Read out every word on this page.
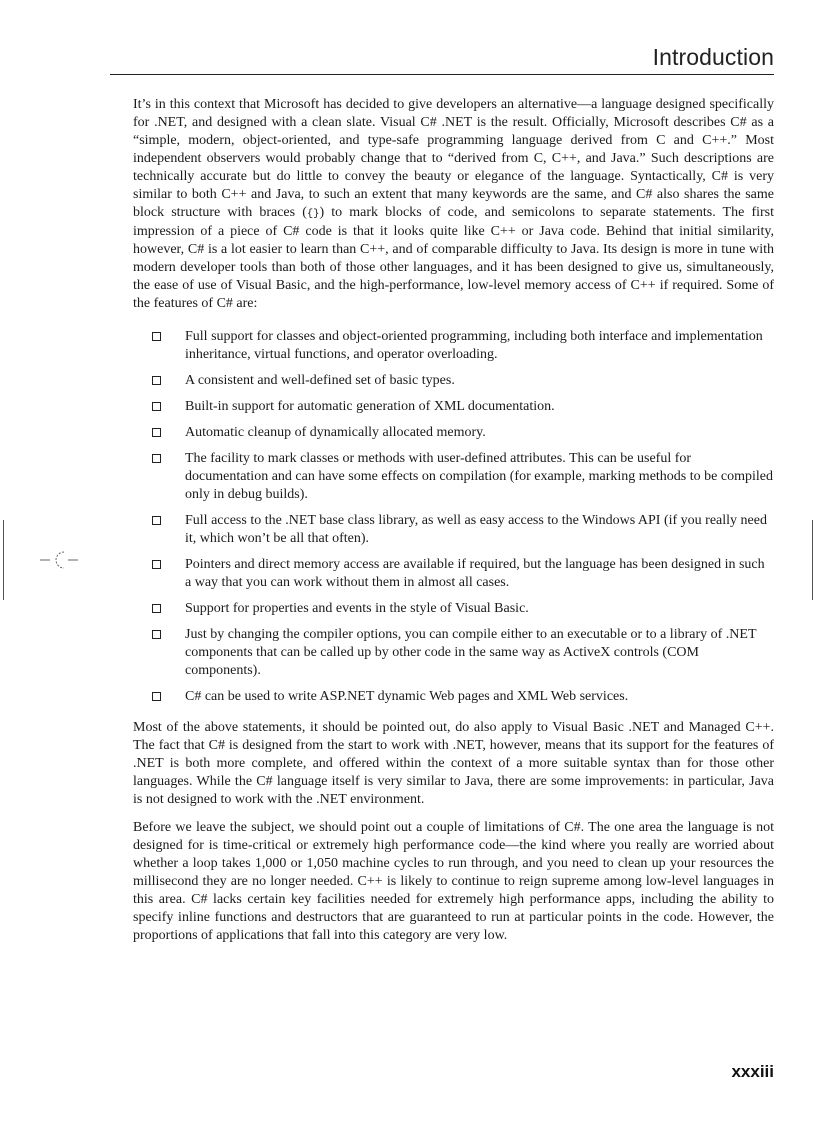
Introduction

It’s in this context that Microsoft has decided to give developers an alternative—a language designed specifically for .NET, and designed with a clean slate. Visual C# .NET is the result. Officially, Microsoft describes C# as a “simple, modern, object-oriented, and type-safe programming language derived from C and C++.” Most independent observers would probably change that to “derived from C, C++, and Java.” Such descriptions are technically accurate but do little to convey the beauty or elegance of the language. Syntactically, C# is very similar to both C++ and Java, to such an extent that many keywords are the same, and C# also shares the same block structure with braces ({}) to mark blocks of code, and semicolons to separate statements. The first impression of a piece of C# code is that it looks quite like C++ or Java code. Behind that initial similarity, however, C# is a lot easier to learn than C++, and of comparable difficulty to Java. Its design is more in tune with modern developer tools than both of those other languages, and it has been designed to give us, simultaneously, the ease of use of Visual Basic, and the high-performance, low-level memory access of C++ if required. Some of the features of C# are:

Full support for classes and object-oriented programming, including both interface and implementation inheritance, virtual functions, and operator overloading.
A consistent and well-defined set of basic types.
Built-in support for automatic generation of XML documentation.
Automatic cleanup of dynamically allocated memory.
The facility to mark classes or methods with user-defined attributes. This can be useful for documentation and can have some effects on compilation (for example, marking methods to be compiled only in debug builds).
Full access to the .NET base class library, as well as easy access to the Windows API (if you really need it, which won’t be all that often).
Pointers and direct memory access are available if required, but the language has been designed in such a way that you can work without them in almost all cases.
Support for properties and events in the style of Visual Basic.
Just by changing the compiler options, you can compile either to an executable or to a library of .NET components that can be called up by other code in the same way as ActiveX controls (COM components).
C# can be used to write ASP.NET dynamic Web pages and XML Web services.

Most of the above statements, it should be pointed out, do also apply to Visual Basic .NET and Managed C++. The fact that C# is designed from the start to work with .NET, however, means that its support for the features of .NET is both more complete, and offered within the context of a more suitable syntax than for those other languages. While the C# language itself is very similar to Java, there are some improvements: in particular, Java is not designed to work with the .NET environment.

Before we leave the subject, we should point out a couple of limitations of C#. The one area the language is not designed for is time-critical or extremely high performance code—the kind where you really are worried about whether a loop takes 1,000 or 1,050 machine cycles to run through, and you need to clean up your resources the millisecond they are no longer needed. C++ is likely to continue to reign supreme among low-level languages in this area. C# lacks certain key facilities needed for extremely high performance apps, including the ability to specify inline functions and destructors that are guaranteed to run at particular points in the code. However, the proportions of applications that fall into this category are very low.

xxxiii
